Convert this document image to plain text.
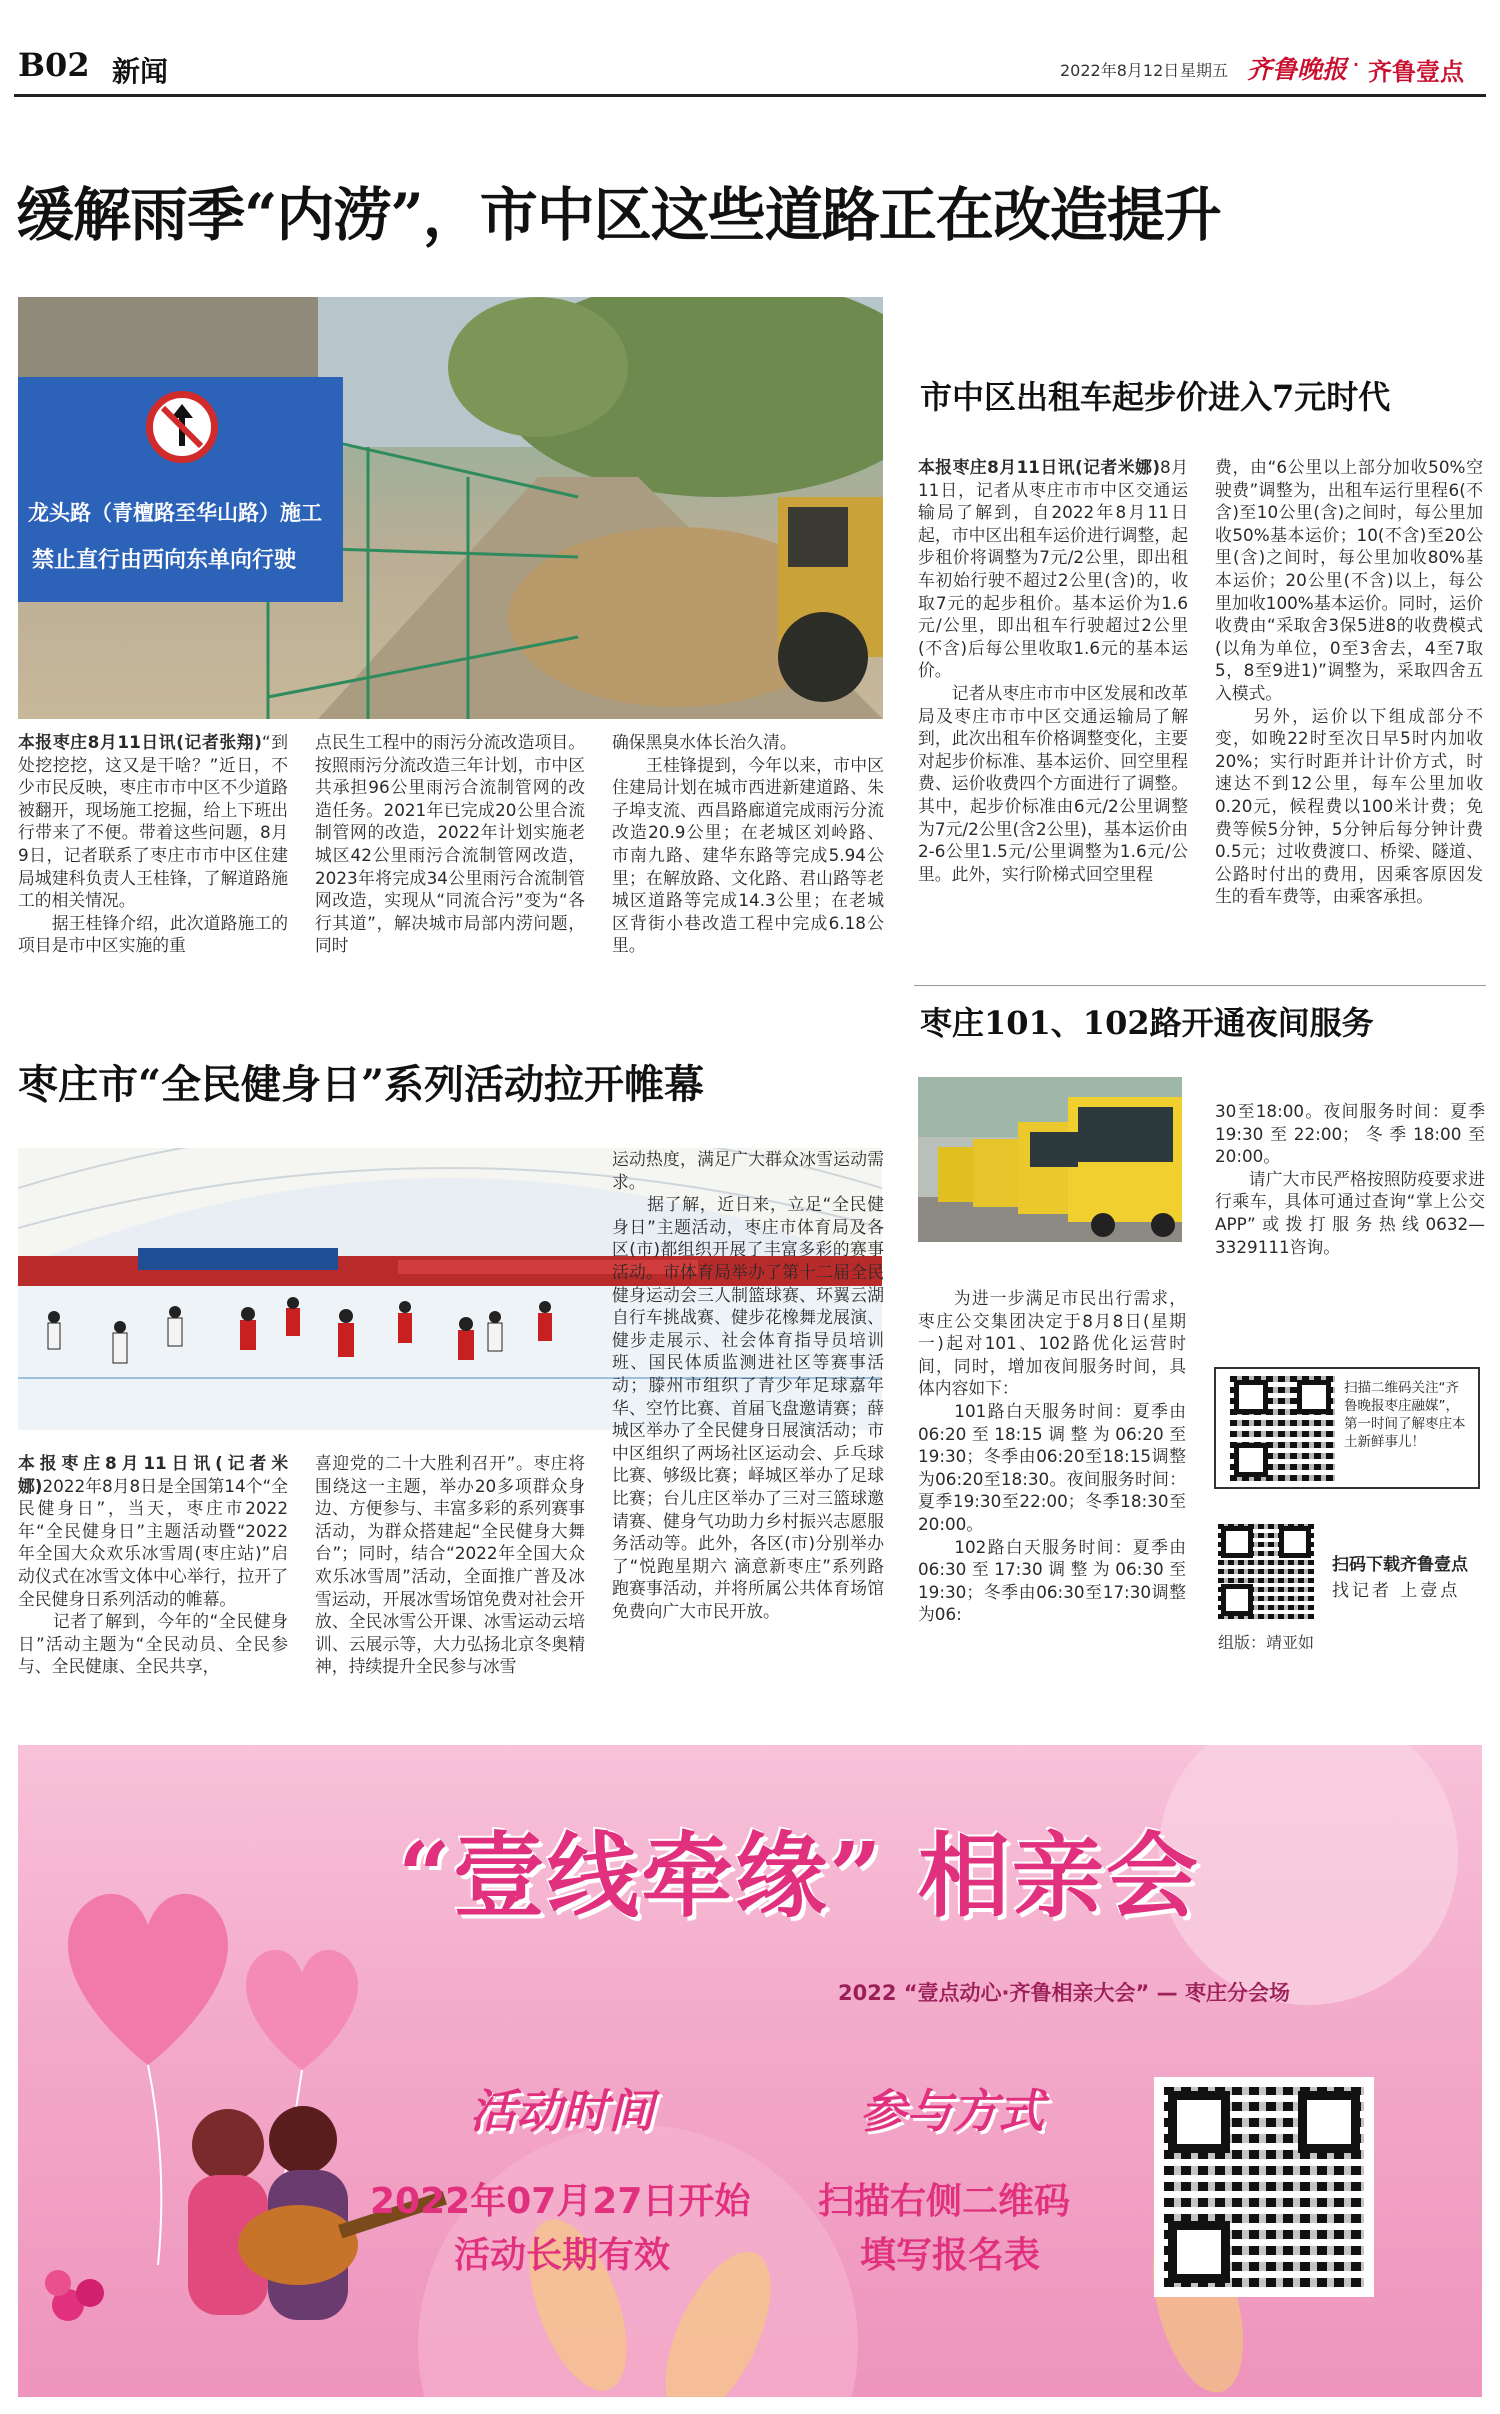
B02 新闻	2022年8月12日 星期五 齐鲁晚报 · 齐鲁壹点
缓解雨季“内涝”，市中区这些道路正在改造提升
龙头路（青檀路至华山路）施工
禁止直行由西向东单向行驶
本报枣庄8月11日讯(记者张翔)“到处挖挖挖，这又是干啥？”近日，不少市民反映，枣庄市市中区不少道路被翻开，现场施工挖掘，给上下班出行带来了不便。带着这些问题，8月9日，记者联系了枣庄市市中区住建局城建科负责人王桂锋，了解道路施工的相关情况。
　　据王桂锋介绍，此次道路施工的项目是市中区实施的重
点民生工程中的雨污分流改造项目。按照雨污分流改造三年计划，市中区共承担96公里雨污合流制管网的改造任务。2021年已完成20公里合流制管网的改造，2022年计划实施老城区42公里雨污合流制管网改造，2023年将完成34公里雨污合流制管网改造，实现从“同流合污”变为“各行其道”，解决城市局部内涝问题，同时
确保黑臭水体长治久清。
　　王桂锋提到，今年以来，市中区住建局计划在城市西进新建道路、朱子埠支流、西昌路廊道完成雨污分流改造20.9公里；在老城区刘岭路、市南九路、建华东路等完成5.94公里；在解放路、文化路、君山路等老城区道路等完成14.3公里；在老城区背街小巷改造工程中完成6.18公里。
市中区出租车起步价进入7元时代
本报枣庄8月11日讯(记者米娜)8月11日，记者从枣庄市市中区交通运输局了解到，自2022年8月11日起，市中区出租车运价进行调整，起步租价将调整为7元/2公里，即出租车初始行驶不超过2公里(含)的，收取7元的起步租价。基本运价为1.6元/公里，即出租车行驶超过2公里(不含)后每公里收取1.6元的基本运价。
　　记者从枣庄市市中区发展和改革局及枣庄市市中区交通运输局了解到，此次出租车价格调整变化，主要对起步价标准、基本运价、回空里程费、运价收费四个方面进行了调整。其中，起步价标准由6元/2公里调整为7元/2公里(含2公里)，基本运价由2-6公里1.5元/公里调整为1.6元/公里。此外，实行阶梯式回空里程
费，由“6公里以上部分加收50%空驶费”调整为，出租车运行里程6(不含)至10公里(含)之间时，每公里加收50%基本运价；10(不含)至20公里(含)之间时，每公里加收80%基本运价；20公里(不含)以上，每公里加收100%基本运价。同时，运价收费由“采取舍3保5进8的收费模式(以角为单位，0至3舍去，4至7取5，8至9进1)”调整为，采取四舍五入模式。
　　另外，运价以下组成部分不变，如晚22时至次日早5时内加收20%；实行时距并计计价方式，时速达不到12公里，每车公里加收0.20元，候程费以100米计费；免费等候5分钟，5分钟后每分钟计费0.5元；过收费渡口、桥梁、隧道、公路时付出的费用，因乘客原因发生的看车费等，由乘客承担。
枣庄101、102路开通夜间服务
　　为进一步满足市民出行需求，枣庄公交集团决定于8月8日(星期一)起对101、102路优化运营时间，同时，增加夜间服务时间，具体内容如下：
　　101路白天服务时间：夏季由06:20至18:15调整为06:20至19:30；冬季由06:20至18:15调整为06:20至18:30。夜间服务时间：夏季19:30至22:00；冬季18:30至20:00。
　　102路白天服务时间：夏季由06:30至17:30调整为06:30至19:30；冬季由06:30至17:30调整为06:
30至18:00。夜间服务时间：夏季19:30至22:00；冬季18:00至20:00。
　　请广大市民严格按照防疫要求进行乘车，具体可通过查询“掌上公交APP”或拨打服务热线0632—3329111咨询。
扫描二维码关注“齐鲁晚报枣庄融媒”，第一时间了解枣庄本土新鲜事儿！
扫码下载齐鲁壹点
找记者 上壹点
组版：靖亚如
枣庄市“全民健身日”系列活动拉开帷幕
本报枣庄8月11日讯(记者米娜)2022年8月8日是全国第14个“全民健身日”，当天，枣庄市2022年“全民健身日”主题活动暨“2022年全国大众欢乐冰雪周(枣庄站)”启动仪式在冰雪文体中心举行，拉开了全民健身日系列活动的帷幕。
　　记者了解到，今年的“全民健身日”活动主题为“全民动员、全民参与、全民健康、全民共享，
喜迎党的二十大胜利召开”。枣庄将围绕这一主题，举办20多项群众身边、方便参与、丰富多彩的系列赛事活动，为群众搭建起“全民健身大舞台”；同时，结合“2022年全国大众欢乐冰雪周”活动，全面推广普及冰雪运动，开展冰雪场馆免费对社会开放、全民冰雪公开课、冰雪运动云培训、云展示等，大力弘扬北京冬奥精神，持续提升全民参与冰雪
运动热度，满足广大群众冰雪运动需求。
　　据了解，近日来，立足“全民健身日”主题活动，枣庄市体育局及各区(市)都组织开展了丰富多彩的赛事活动。市体育局举办了第十二届全民健身运动会三人制篮球赛、环翼云湖自行车挑战赛、健步花橡舞龙展演、健步走展示、社会体育指导员培训班、国民体质监测进社区等赛事活动；滕州市组织了青少年足球嘉年华、空竹比赛、首届飞盘邀请赛；薛城区举办了全民健身日展演活动；市中区组织了两场社区运动会、乒乓球比赛、够级比赛；峄城区举办了足球比赛；台儿庄区举办了三对三篮球邀请赛、健身气功助力乡村振兴志愿服务活动等。此外，各区(市)分别举办了“悦跑星期六 滴意新枣庄”系列路跑赛事活动，并将所属公共体育场馆免费向广大市民开放。
“壹线牵缘” 相亲会
2022 “壹点动心·齐鲁相亲大会” — 枣庄分会场
活动时间
2022年07月27日开始
活动长期有效
参与方式
扫描右侧二维码
填写报名表
